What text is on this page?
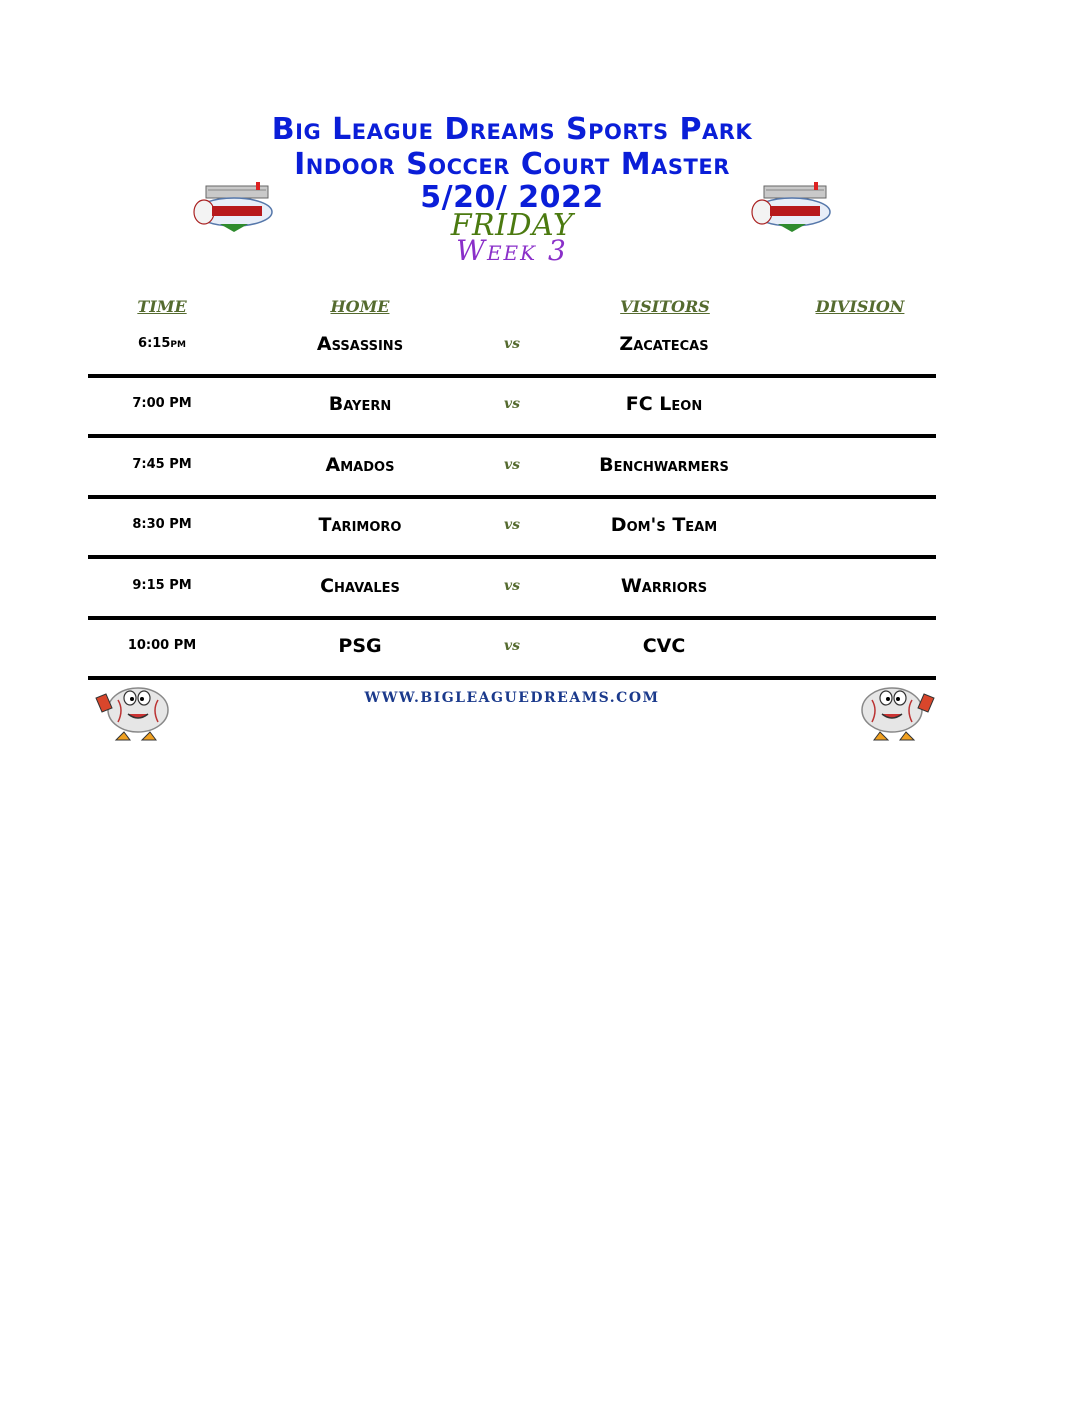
Big League Dreams Sports Park
Indoor Soccer Court Master
5/20/ 2022
FRIDAY
Week 3
TIME	HOME	VISITORS	DIVISION
6:15pm	Assassins	vs	Zacatecas
7:00 PM	Bayern	vs	FC Leon
7:45 PM	Amados	vs	Benchwarmers
8:30 PM	Tarimoro	vs	Dom's Team
9:15 PM	Chavales	vs	Warriors
10:00 PM	PSG	vs	CVC
WWW.BIGLEAGUEDREAMS.COM
